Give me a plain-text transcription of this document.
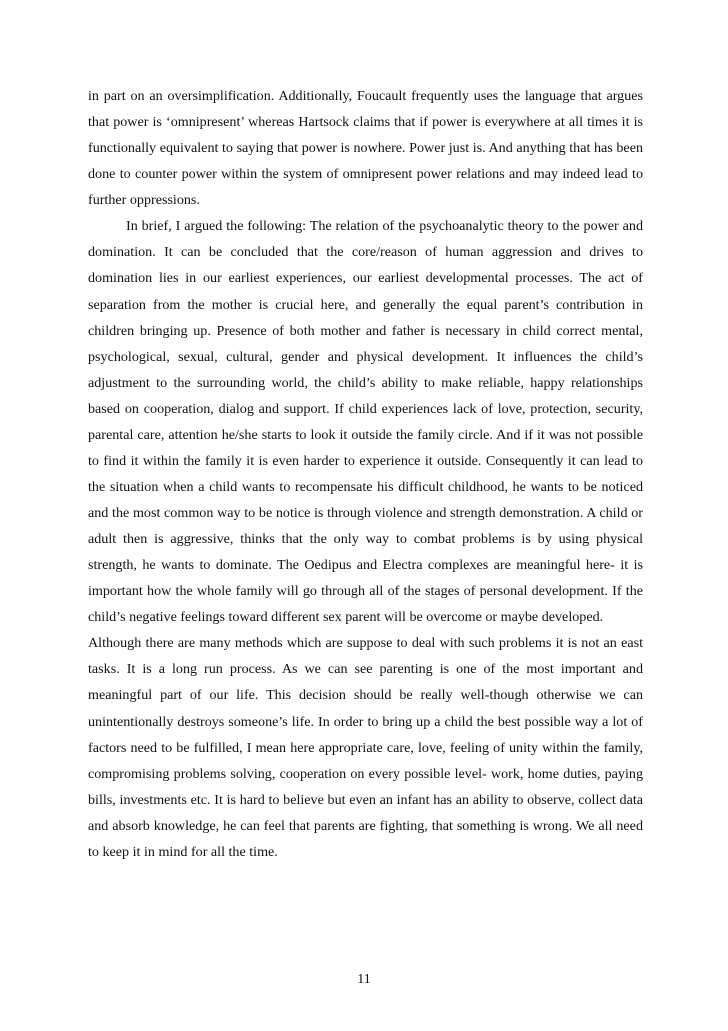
in part on an oversimplification. Additionally, Foucault frequently uses the language that argues that power is ‘omnipresent’ whereas Hartsock claims that if power is everywhere at all times it is functionally equivalent to saying that power is nowhere. Power just is. And anything that has been done to counter power within the system of omnipresent power relations and may indeed lead to further oppressions.

In brief, I argued the following: The relation of the psychoanalytic theory to the power and domination. It can be concluded that the core/reason of human aggression and drives to domination lies in our earliest experiences, our earliest developmental processes. The act of separation from the mother is crucial here, and generally the equal parent’s contribution in children bringing up. Presence of both mother and father is necessary in child correct mental, psychological, sexual, cultural, gender and physical development. It influences the child’s adjustment to the surrounding world, the child’s ability to make reliable, happy relationships based on cooperation, dialog and support. If child experiences lack of love, protection, security, parental care, attention he/she starts to look it outside the family circle. And if it was not possible to find it within the family it is even harder to experience it outside. Consequently it can lead to the situation when a child wants to recompensate his difficult childhood, he wants to be noticed and the most common way to be notice is through violence and strength demonstration. A child or adult then is aggressive, thinks that the only way to combat problems is by using physical strength, he wants to dominate. The Oedipus and Electra complexes are meaningful here- it is important how the whole family will go through all of the stages of personal development. If the child’s negative feelings toward different sex parent will be overcome or maybe developed.

Although there are many methods which are suppose to deal with such problems it is not an east tasks. It is a long run process. As we can see parenting is one of the most important and meaningful part of our life. This decision should be really well-though otherwise we can unintentionally destroys someone’s life. In order to bring up a child the best possible way a lot of factors need to be fulfilled, I mean here appropriate care, love, feeling of unity within the family, compromising problems solving, cooperation on every possible level- work, home duties, paying bills, investments etc. It is hard to believe but even an infant has an ability to observe, collect data and absorb knowledge, he can feel that parents are fighting, that something is wrong. We all need to keep it in mind for all the time.

11
